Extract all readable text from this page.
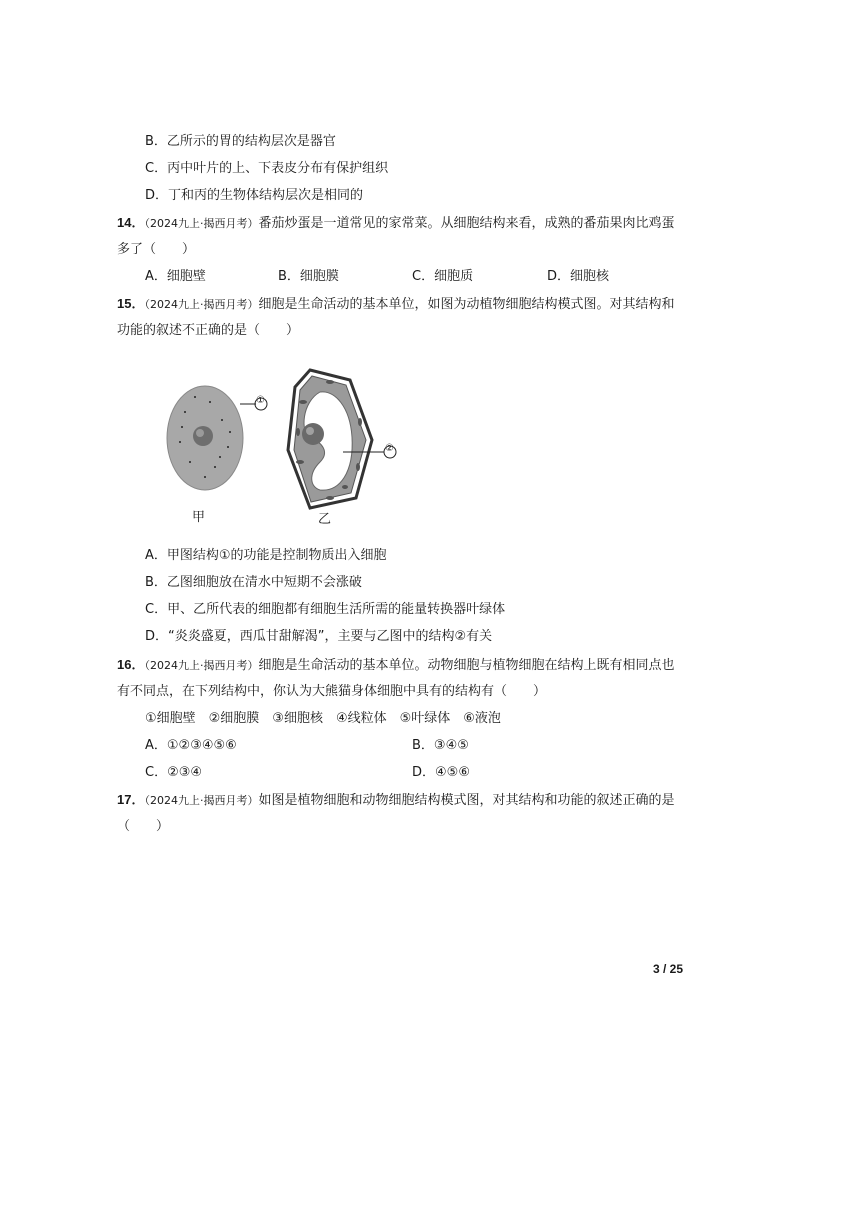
B．乙所示的胃的结构层次是器官
C．丙中叶片的上、下表皮分布有保护组织
D．丁和丙的生物体结构层次是相同的
14．（2024九上·揭西月考）番茄炒蛋是一道常见的家常菜。从细胞结构来看，成熟的番茄果肉比鸡蛋
多了（　　）
A．细胞壁	B．细胞膜	C．细胞质	D．细胞核
15．（2024九上·揭西月考）细胞是生命活动的基本单位，如图为动植物细胞结构模式图。对其结构和
功能的叙述不正确的是（　　）
①
②
甲	乙
A．甲图结构①的功能是控制物质出入细胞
B．乙图细胞放在清水中短期不会涨破
C．甲、乙所代表的细胞都有细胞生活所需的能量转换器叶绿体
D．“炎炎盛夏，西瓜甘甜解渴”，主要与乙图中的结构②有关
16．（2024九上·揭西月考）细胞是生命活动的基本单位。动物细胞与植物细胞在结构上既有相同点也
有不同点，在下列结构中，你认为大熊猫身体细胞中具有的结构有（　　）
①细胞壁　②细胞膜　③细胞核　④线粒体　⑤叶绿体　⑥液泡
A．①②③④⑤⑥	B．③④⑤
C．②③④	D．④⑤⑥
17．（2024九上·揭西月考）如图是植物细胞和动物细胞结构模式图，对其结构和功能的叙述正确的是
（　　）
3 / 25
